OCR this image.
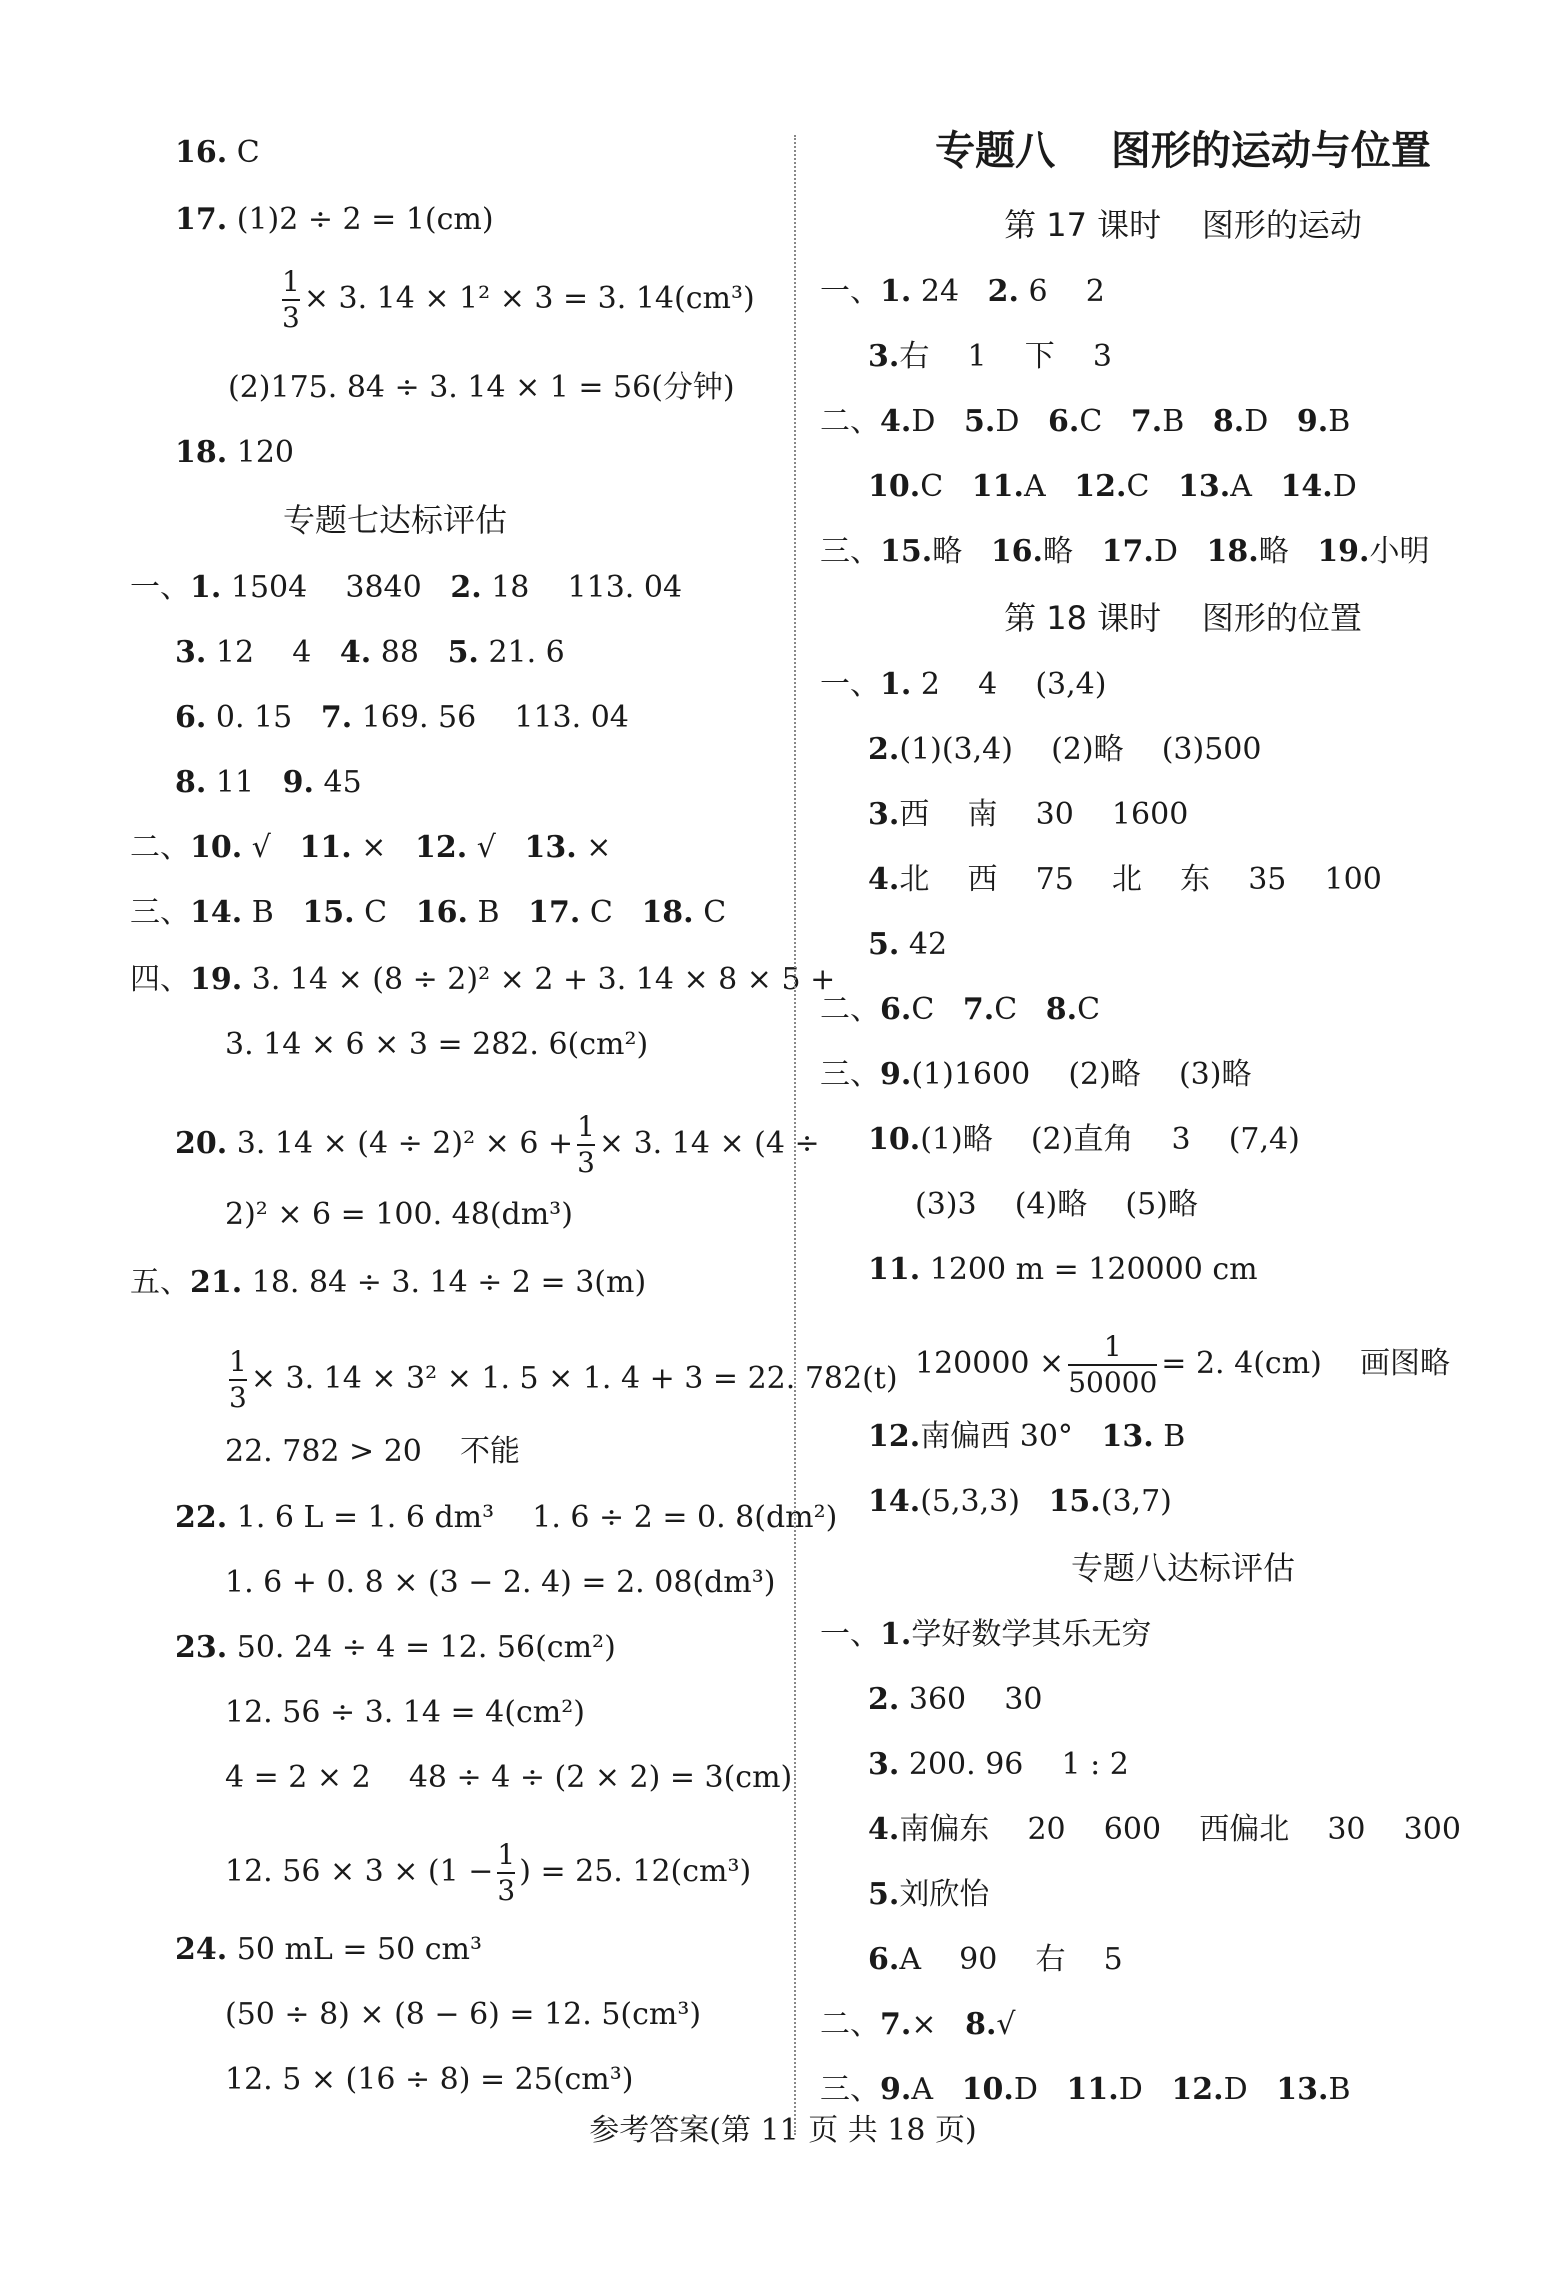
16. C
17. (1)2 ÷ 2 = 1(cm)
$\frac{1}{3} \times 3$. 14 × 1² × 3 = 3. 14(cm³)
(2)175. 84 ÷ 3. 14 × 1 = 56(分钟)
18. 120
专题七达标评估
一、1. 1504    3840   2. 18    113. 04
3. 12    4   4. 88   5. 21. 6
6. 0. 15   7. 169. 56    113. 04
8. 11   9. 45
二、10. √   11. ×   12. √   13. ×
三、14. B   15. C   16. B   17. C   18. C
四、19. 3. 14 × (8 ÷ 2)² × 2 + 3. 14 × 8 × 5 +
3. 14 × 6 × 3 = 282. 6(cm²)
20. 3. $14 \times (4 \div 2)^2 \times 6 + \frac{1}{3} \times 3$. 14 × (4 ÷
2)² × 6 = 100. 48(dm³)
五、21. 18. 84 ÷ 3. 14 ÷ 2 = 3(m)
$\frac{1}{3} \times 3$. 14 × 3² × 1. 5 × 1. 4 + 3 = 22. 782(t)
22. 782 > 20    不能
22. 1. 6 L = 1. 6 dm³    1. 6 ÷ 2 = 0. 8(dm²)
1. 6 + 0. 8 × (3 − 2. 4) = 2. 08(dm³)
23. 50. 24 ÷ 4 = 12. 56(cm²)
12. 56 ÷ 3. 14 = 4(cm²)
4 = 2 × 2    48 ÷ 4 ÷ (2 × 2) = 3(cm)
12. $56 \times 3 \times (1 - \frac{1}{3}$ ) = 25. 12(cm³)
24. 50 mL = 50 cm³
(50 ÷ 8) × (8 − 6) = 12. 5(cm³)
12. 5 × (16 ÷ 8) = 25(cm³)
专题八    图形的运动与位置
第 17 课时    图形的运动
一、1. 24   2. 6    2
3.右    1    下    3
二、4.D   5.D   6.C   7.B   8.D   9.B
10.C   11.A   12.C   13.A   14.D
三、15.略   16.略   17.D   18.略   19.小明
第 18 课时    图形的位置
一、1. 2    4    (3,4)
2.(1)(3,4)    (2)略    (3)500
3.西    南    30    1600
4.北    西    75    北    东    35    100
5. 42
二、6.C   7.C   8.C
三、9.(1)1600    (2)略    (3)略
10.(1)略    (2)直角    3    (7,4)
(3)3    (4)略    (5)略
11. 1200 m = 120000 cm
$120000 \times \frac{1}{50000} = 2$. 4(cm)    画图略
12.南偏西 30°   13. B
14.(5,3,3)   15.(3,7)
专题八达标评估
一、1.学好数学其乐无穷
2. 360    30
3. 200. 96    1 : 2
4.南偏东    20    600    西偏北    30    300
5.刘欣怡
6.A    90    右    5
二、7.×   8.√
三、9.A   10.D   11.D   12.D   13.B
参考答案(第 11 页 共 18 页)
